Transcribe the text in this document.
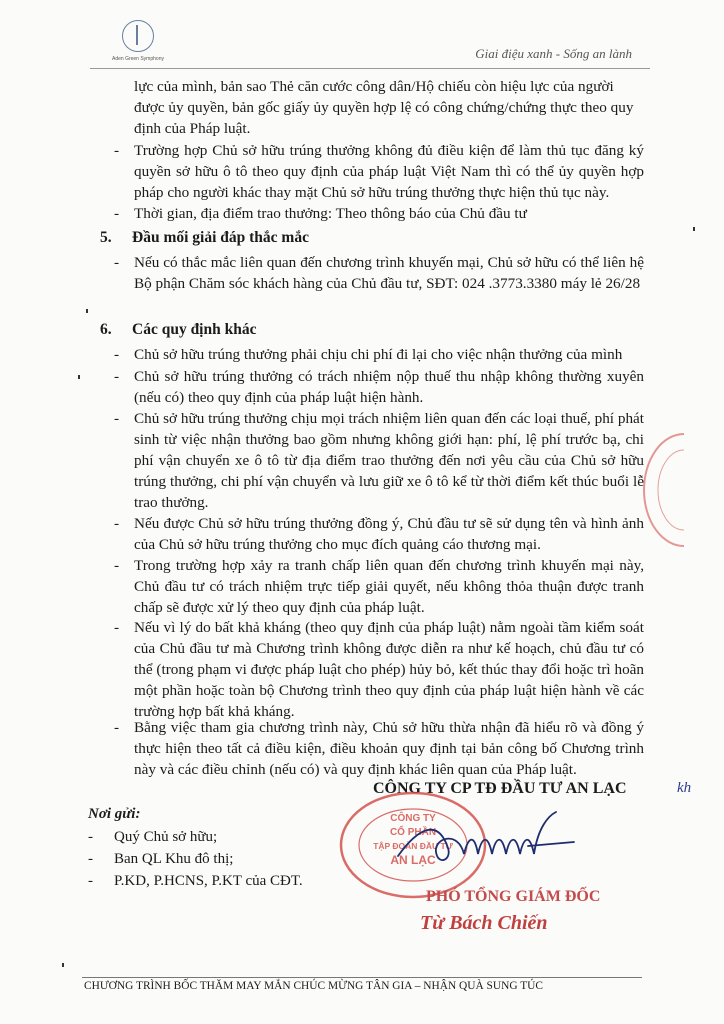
Aden Green Symphony	Giai điệu xanh - Sống an lành
lực của mình, bản sao Thẻ căn cước công dân/Hộ chiếu còn hiệu lực của người
được ủy quyền, bản gốc giấy ủy quyền hợp lệ có công chứng/chứng thực theo quy
định của Pháp luật.
- Trường hợp Chủ sở hữu trúng thưởng không đủ điều kiện để làm thủ tục đăng ký quyền sở hữu ô tô theo quy định của pháp luật Việt Nam thì có thể ủy quyền hợp pháp cho người khác thay mặt Chủ sở hữu trúng thưởng thực hiện thủ tục này.
- Thời gian, địa điểm trao thưởng: Theo thông báo của Chủ đầu tư
5. Đầu mối giải đáp thắc mắc
- Nếu có thắc mắc liên quan đến chương trình khuyến mại, Chủ sở hữu có thể liên hệ Bộ phận Chăm sóc khách hàng của Chủ đầu tư, SĐT: 024 .3773.3380 máy lẻ 26/28
6. Các quy định khác
- Chủ sở hữu trúng thưởng phải chịu chi phí đi lại cho việc nhận thưởng của mình
- Chủ sở hữu trúng thưởng có trách nhiệm nộp thuế thu nhập không thường xuyên (nếu có) theo quy định của pháp luật hiện hành.
- Chủ sở hữu trúng thưởng chịu mọi trách nhiệm liên quan đến các loại thuế, phí phát sinh từ việc nhận thưởng bao gồm nhưng không giới hạn: phí, lệ phí trước bạ, chi phí vận chuyển xe ô tô từ địa điểm trao thưởng đến nơi yêu cầu của Chủ sở hữu trúng thưởng, chi phí vận chuyển và lưu giữ xe ô tô kể từ thời điểm kết thúc buổi lễ trao thưởng.
- Nếu được Chủ sở hữu trúng thưởng đồng ý, Chủ đầu tư sẽ sử dụng tên và hình ảnh của Chủ sở hữu trúng thưởng cho mục đích quảng cáo thương mại.
- Trong trường hợp xảy ra tranh chấp liên quan đến chương trình khuyến mại này, Chủ đầu tư có trách nhiệm trực tiếp giải quyết, nếu không thỏa thuận được tranh chấp sẽ được xử lý theo quy định của pháp luật.
- Nếu vì lý do bất khả kháng (theo quy định của pháp luật) nằm ngoài tầm kiểm soát của Chủ đầu tư mà Chương trình không được diễn ra như kế hoạch, chủ đầu tư có thể (trong phạm vi được pháp luật cho phép) hủy bỏ, kết thúc thay đổi hoặc trì hoãn một phần hoặc toàn bộ Chương trình theo quy định của pháp luật hiện hành về các trường hợp bất khả kháng.
- Bằng việc tham gia chương trình này, Chủ sở hữu thừa nhận đã hiểu rõ và đồng ý thực hiện theo tất cả điều kiện, điều khoản quy định tại bản công bố Chương trình này và các điều chỉnh (nếu có) và quy định khác liên quan của Pháp luật.
CÔNG TY CP TĐ ĐẦU TƯ AN LẠC	kh
Nơi gửi:
- Quý Chủ sở hữu;
- Ban QL Khu đô thị;
- P.KD, P.HCNS, P.KT của CĐT.
CÔNG TY
CỔ PHẦN
TẬP ĐOÀN ĐẦU TƯ
AN LẠC
PHÓ TỔNG GIÁM ĐỐC
Từ Bách Chiến
CHƯƠNG TRÌNH BỐC THĂM MAY MẮN CHÚC MỪNG TÂN GIA – NHẬN QUÀ SUNG TÚC
